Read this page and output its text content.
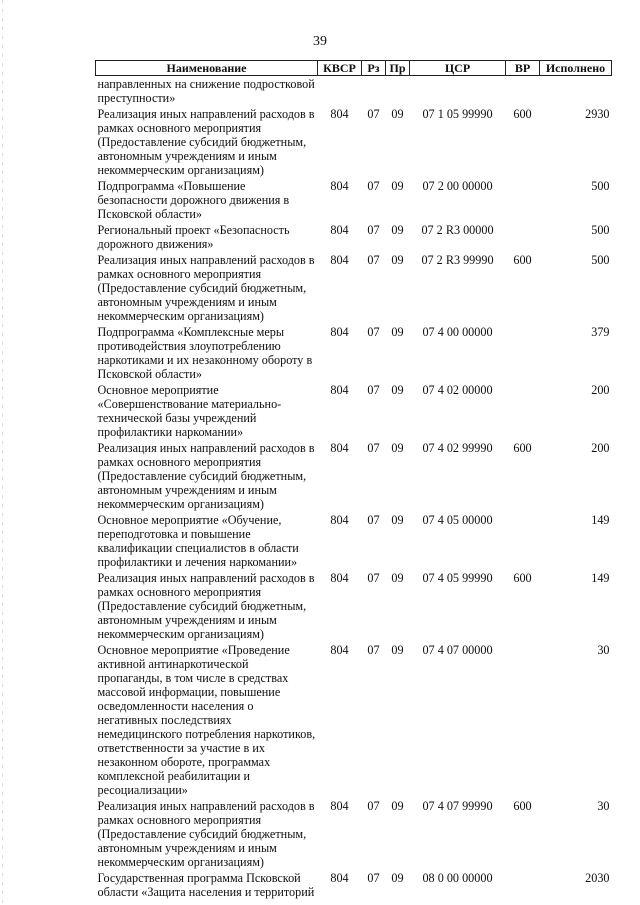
39
Наименование	КВСР	Рз	Пр	ЦСР	ВР	Исполнено
направленных на снижение подростковой преступности»						
Реализация иных направлений расходов в рамках основного мероприятия (Предоставление субсидий бюджетным, автономным учреждениям и иным некоммерческим организациям)	804	07	09	07 1 05 99990	600	2930
Подпрограмма «Повышение безопасности дорожного движения в Псковской области»	804	07	09	07 2 00 00000		500
Региональный проект «Безопасность дорожного движения»	804	07	09	07 2 R3 00000		500
Реализация иных направлений расходов в рамках основного мероприятия (Предоставление субсидий бюджетным, автономным учреждениям и иным некоммерческим организациям)	804	07	09	07 2 R3 99990	600	500
Подпрограмма «Комплексные меры противодействия злоупотреблению наркотиками и их незаконному обороту в Псковской области»	804	07	09	07 4 00 00000		379
Основное мероприятие «Совершенствование материально-технической базы учреждений профилактики наркомании»	804	07	09	07 4 02 00000		200
Реализация иных направлений расходов в рамках основного мероприятия (Предоставление субсидий бюджетным, автономным учреждениям и иным некоммерческим организациям)	804	07	09	07 4 02 99990	600	200
Основное мероприятие «Обучение, переподготовка и повышение квалификации специалистов в области профилактики и лечения наркомании»	804	07	09	07 4 05 00000		149
Реализация иных направлений расходов в рамках основного мероприятия (Предоставление субсидий бюджетным, автономным учреждениям и иным некоммерческим организациям)	804	07	09	07 4 05 99990	600	149
Основное мероприятие «Проведение активной антинаркотической пропаганды, в том числе в средствах массовой информации, повышение осведомленности населения о негативных последствиях немедицинского потребления наркотиков, ответственности за участие в их незаконном обороте, программах комплексной реабилитации и ресоциализации»	804	07	09	07 4 07 00000		30
Реализация иных направлений расходов в рамках основного мероприятия (Предоставление субсидий бюджетным, автономным учреждениям и иным некоммерческим организациям)	804	07	09	07 4 07 99990	600	30
Государственная программа Псковской области «Защита населения и территорий	804	07	09	08 0 00 00000		2030
